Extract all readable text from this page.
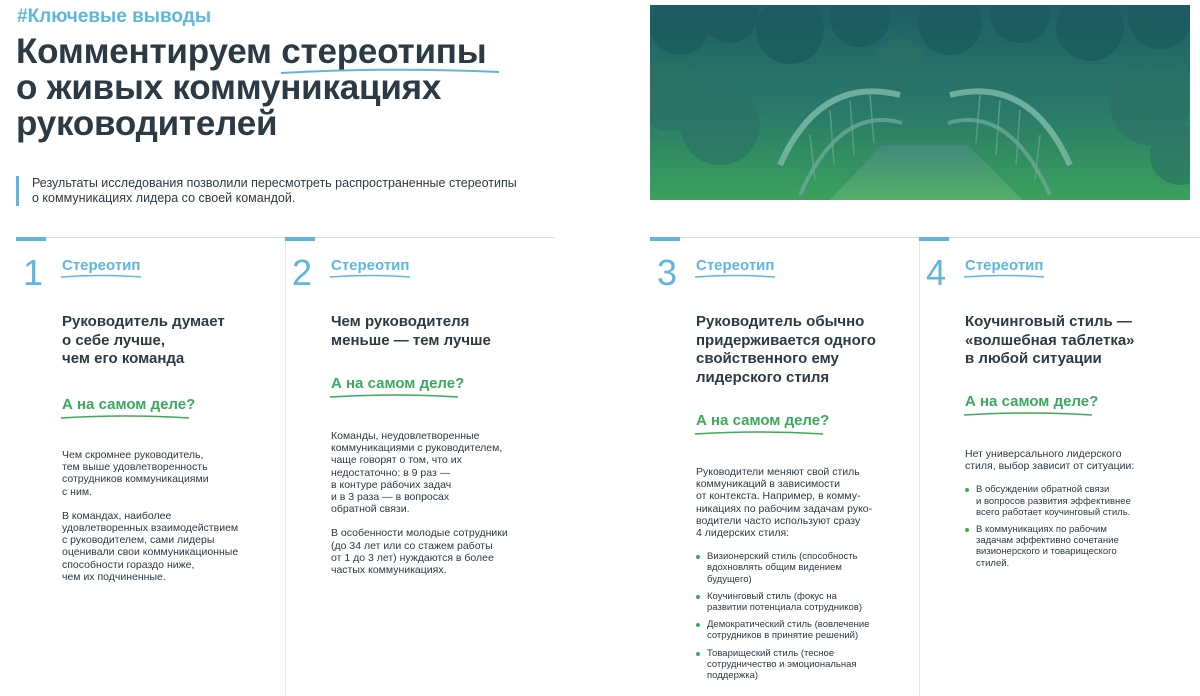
#Ключевые выводы
Комментируем стереотипы
о живых коммуникациях
руководителей
Результаты исследования позволили пересмотреть распространенные стереотипы
о коммуникациях лидера со своей командой.
1 Стереотип
Руководитель думает
о себе лучше,
чем его команда
А на самом деле?

Чем скромнее руководитель,
тем выше удовлетворенность
сотрудников коммуникациями
с ним.

В командах, наиболее
удовлетворенных взаимодействием
с руководителем, сами лидеры
оценивали свои коммуникационные
способности гораздо ниже,
чем их подчиненные.

2 Стереотип
Чем руководителя
меньше — тем лучше
А на самом деле?

Команды, неудовлетворенные
коммуникациями с руководителем,
чаще говорят о том, что их
недостаточно: в 9 раз —
в контуре рабочих задач
и в 3 раза — в вопросах
обратной связи.

В особенности молодые сотрудники
(до 34 лет или со стажем работы
от 1 до 3 лет) нуждаются в более
частых коммуникациях.

3 Стереотип
Руководитель обычно
придерживается одного
свойственного ему
лидерского стиля
А на самом деле?

Руководители меняют свой стиль
коммуникаций в зависимости
от контекста. Например, в комму-
никациях по рабочим задачам руко-
водители часто используют сразу
4 лидерских стиля:

Визионерский стиль (способность
вдохновлять общим видением
будущего)
Коучинговый стиль (фокус на
развитии потенциала сотрудников)
Демократический стиль (вовлечение
сотрудников в принятие решений)
Товарищеский стиль (тесное
сотрудничество и эмоциональная
поддержка)
4 Стереотип
Коучинговый стиль —
«волшебная таблетка»
в любой ситуации
А на самом деле?

Нет универсального лидерского
стиля, выбор зависит от ситуации:

В обсуждении обратной связи
и вопросов развития эффективнее
всего работает коучинговый стиль.
В коммуникациях по рабочим
задачам эффективно сочетание
визионерского и товарищеского
стилей.
